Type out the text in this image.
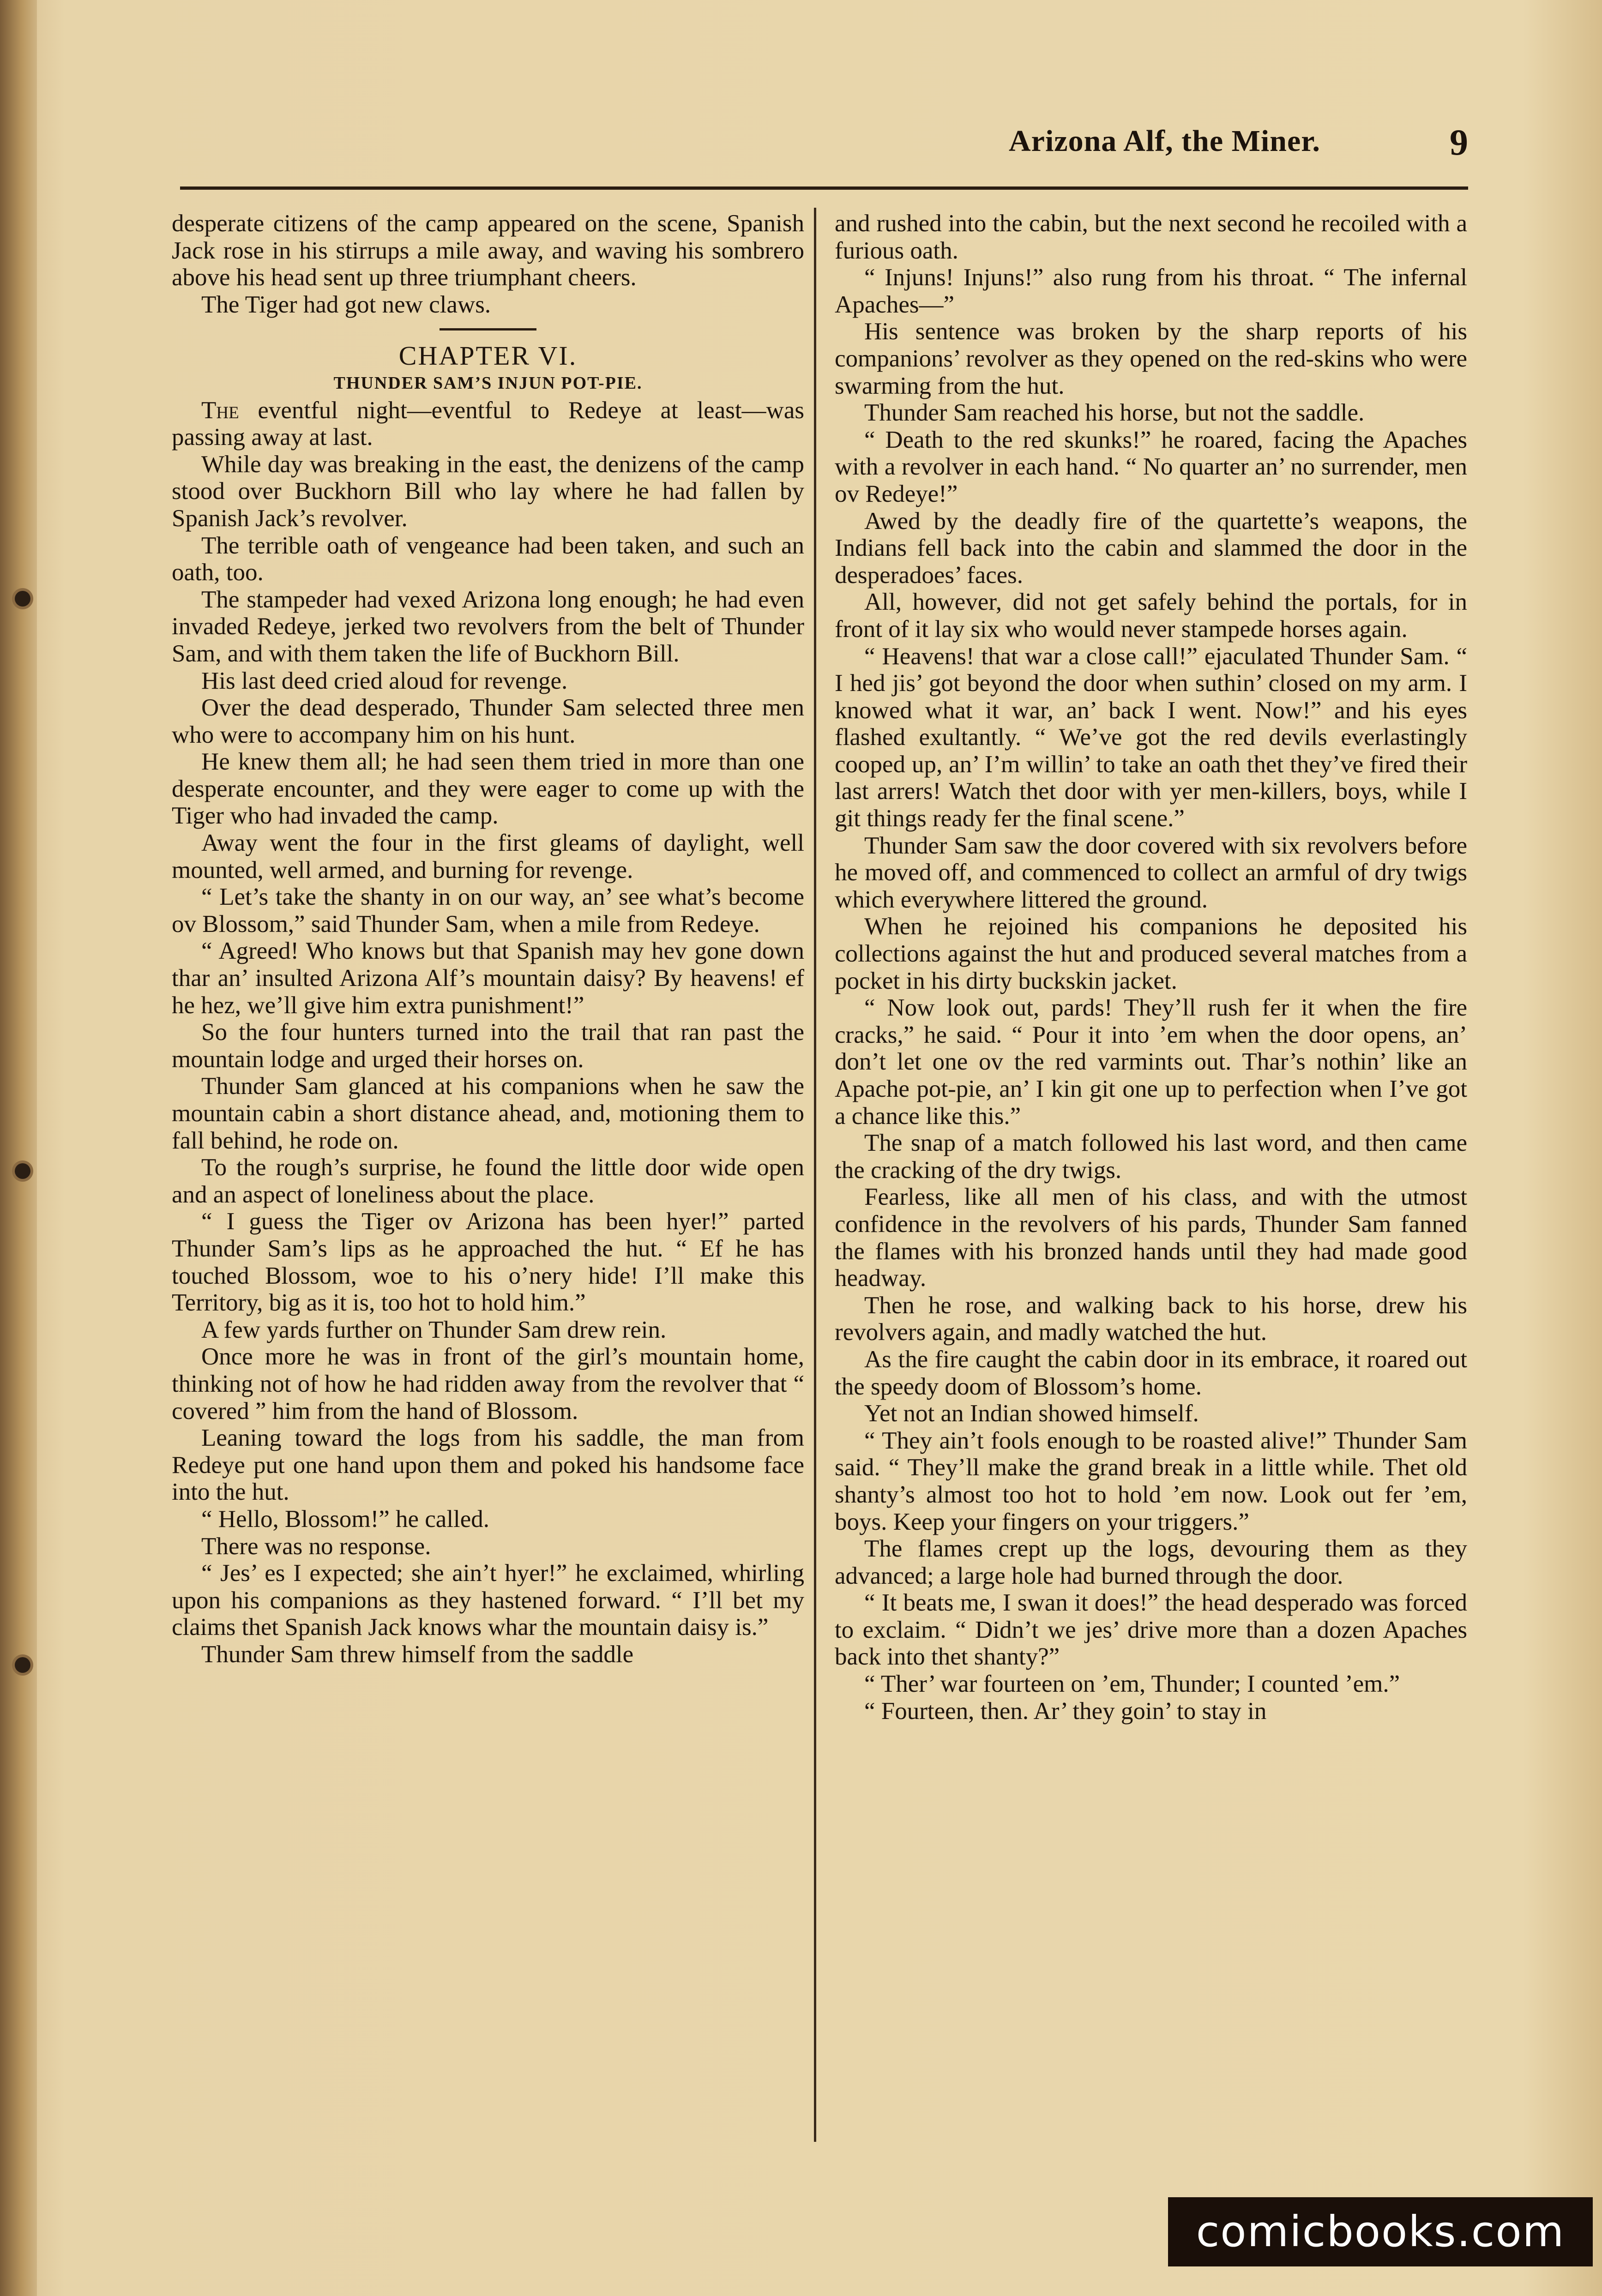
Arizona Alf, the Miner.	9

desperate citizens of the camp appeared on the scene, Spanish Jack rose in his stirrups a mile away, and waving his sombrero above his head sent up three triumphant cheers.

The Tiger had got new claws.

CHAPTER VI.

THUNDER SAM’S INJUN POT-PIE.

The eventful night—eventful to Redeye at least—was passing away at last.

While day was breaking in the east, the denizens of the camp stood over Buckhorn Bill who lay where he had fallen by Spanish Jack’s revolver.

The terrible oath of vengeance had been taken, and such an oath, too.

The stampeder had vexed Arizona long enough; he had even invaded Redeye, jerked two revolvers from the belt of Thunder Sam, and with them taken the life of Buckhorn Bill.

His last deed cried aloud for revenge.

Over the dead desperado, Thunder Sam selected three men who were to accompany him on his hunt.

He knew them all; he had seen them tried in more than one desperate encounter, and they were eager to come up with the Tiger who had invaded the camp.

Away went the four in the first gleams of daylight, well mounted, well armed, and burning for revenge.

“ Let’s take the shanty in on our way, an’ see what’s become ov Blossom,” said Thunder Sam, when a mile from Redeye.

“ Agreed! Who knows but that Spanish may hev gone down thar an’ insulted Arizona Alf’s mountain daisy? By heavens! ef he hez, we’ll give him extra punishment!”

So the four hunters turned into the trail that ran past the mountain lodge and urged their horses on.

Thunder Sam glanced at his companions when he saw the mountain cabin a short distance ahead, and, motioning them to fall behind, he rode on.

To the rough’s surprise, he found the little door wide open and an aspect of loneliness about the place.

“ I guess the Tiger ov Arizona has been hyer!” parted Thunder Sam’s lips as he approached the hut. “ Ef he has touched Blossom, woe to his o’nery hide! I’ll make this Territory, big as it is, too hot to hold him.”

A few yards further on Thunder Sam drew rein.

Once more he was in front of the girl’s mountain home, thinking not of how he had ridden away from the revolver that “ covered ” him from the hand of Blossom.

Leaning toward the logs from his saddle, the man from Redeye put one hand upon them and poked his handsome face into the hut.

“ Hello, Blossom!” he called.

There was no response.

“ Jes’ es I expected; she ain’t hyer!” he exclaimed, whirling upon his companions as they hastened forward. “ I’ll bet my claims thet Spanish Jack knows whar the mountain daisy is.”

Thunder Sam threw himself from the saddle

and rushed into the cabin, but the next second he recoiled with a furious oath.

“ Injuns! Injuns!” also rung from his throat. “ The infernal Apaches—”

His sentence was broken by the sharp reports of his companions’ revolver as they opened on the red-skins who were swarming from the hut.

Thunder Sam reached his horse, but not the saddle.

“ Death to the red skunks!” he roared, facing the Apaches with a revolver in each hand. “ No quarter an’ no surrender, men ov Redeye!”

Awed by the deadly fire of the quartette’s weapons, the Indians fell back into the cabin and slammed the door in the desperadoes’ faces.

All, however, did not get safely behind the portals, for in front of it lay six who would never stampede horses again.

“ Heavens! that war a close call!” ejaculated Thunder Sam. “ I hed jis’ got beyond the door when suthin’ closed on my arm. I knowed what it war, an’ back I went. Now!” and his eyes flashed exultantly. “ We’ve got the red devils everlastingly cooped up, an’ I’m willin’ to take an oath thet they’ve fired their last arrers! Watch thet door with yer men-killers, boys, while I git things ready fer the final scene.”

Thunder Sam saw the door covered with six revolvers before he moved off, and commenced to collect an armful of dry twigs which everywhere littered the ground.

When he rejoined his companions he deposited his collections against the hut and produced several matches from a pocket in his dirty buckskin jacket.

“ Now look out, pards! They’ll rush fer it when the fire cracks,” he said. “ Pour it into ’em when the door opens, an’ don’t let one ov the red varmints out. Thar’s nothin’ like an Apache pot-pie, an’ I kin git one up to perfection when I’ve got a chance like this.”

The snap of a match followed his last word, and then came the cracking of the dry twigs.

Fearless, like all men of his class, and with the utmost confidence in the revolvers of his pards, Thunder Sam fanned the flames with his bronzed hands until they had made good headway.

Then he rose, and walking back to his horse, drew his revolvers again, and madly watched the hut.

As the fire caught the cabin door in its embrace, it roared out the speedy doom of Blossom’s home.

Yet not an Indian showed himself.

“ They ain’t fools enough to be roasted alive!” Thunder Sam said. “ They’ll make the grand break in a little while. Thet old shanty’s almost too hot to hold ’em now. Look out fer ’em, boys. Keep your fingers on your triggers.”

The flames crept up the logs, devouring them as they advanced; a large hole had burned through the door.

“ It beats me, I swan it does!” the head desperado was forced to exclaim. “ Didn’t we jes’ drive more than a dozen Apaches back into thet shanty?”

“ Ther’ war fourteen on ’em, Thunder; I counted ’em.”

“ Fourteen, then. Ar’ they goin’ to stay in

comicbooks.com
